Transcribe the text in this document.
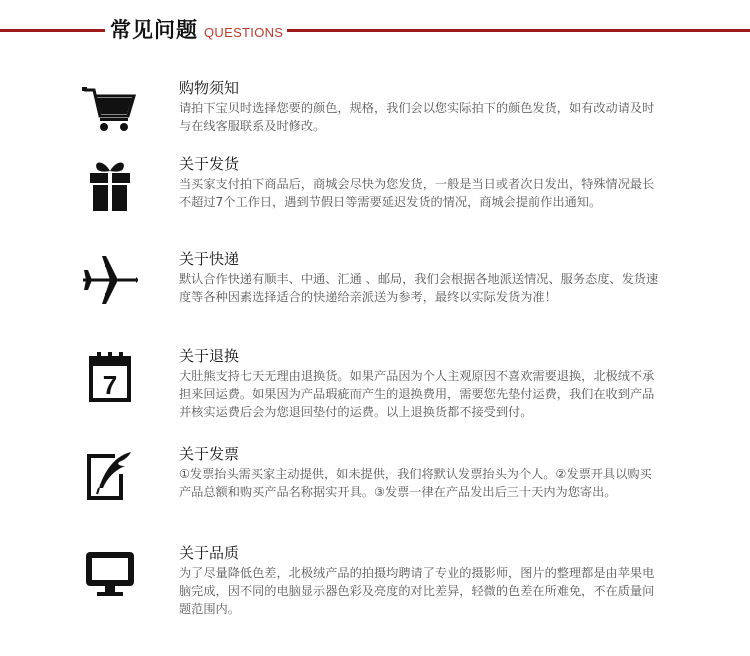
常见问题 QUESTIONS
购物须知
请拍下宝贝时选择您要的颜色，规格，我们会以您实际拍下的颜色发货，如有改动请及时与在线客服联系及时修改。
关于发货
当买家支付拍下商品后，商城会尽快为您发货，一般是当日或者次日发出，特殊情况最长不超过7个工作日，遇到节假日等需要延迟发货的情况，商城会提前作出通知。
关于快递
默认合作快递有顺丰、中通、汇通 、邮局，我们会根据各地派送情况、服务态度、发货速度等各种因素选择适合的快递给亲派送为参考，最终以实际发货为准！
7
关于退换
大肚熊支持七天无理由退换货。如果产品因为个人主观原因不喜欢需要退换，北极绒不承担来回运费。如果因为产品瑕疵而产生的退换费用，需要您先垫付运费，我们在收到产品并核实运费后会为您退回垫付的运费。以上退换货都不接受到付。
关于发票
①发票抬头需买家主动提供，如未提供，我们将默认发票抬头为个人。②发票开具以购买产品总额和购买产品名称据实开具。③发票一律在产品发出后三十天内为您寄出。
关于品质
为了尽量降低色差，北极绒产品的拍摄均聘请了专业的摄影师，图片的整理都是由苹果电脑完成，因不同的电脑显示器色彩及亮度的对比差异，轻微的色差在所难免，不在质量问题范围内。
